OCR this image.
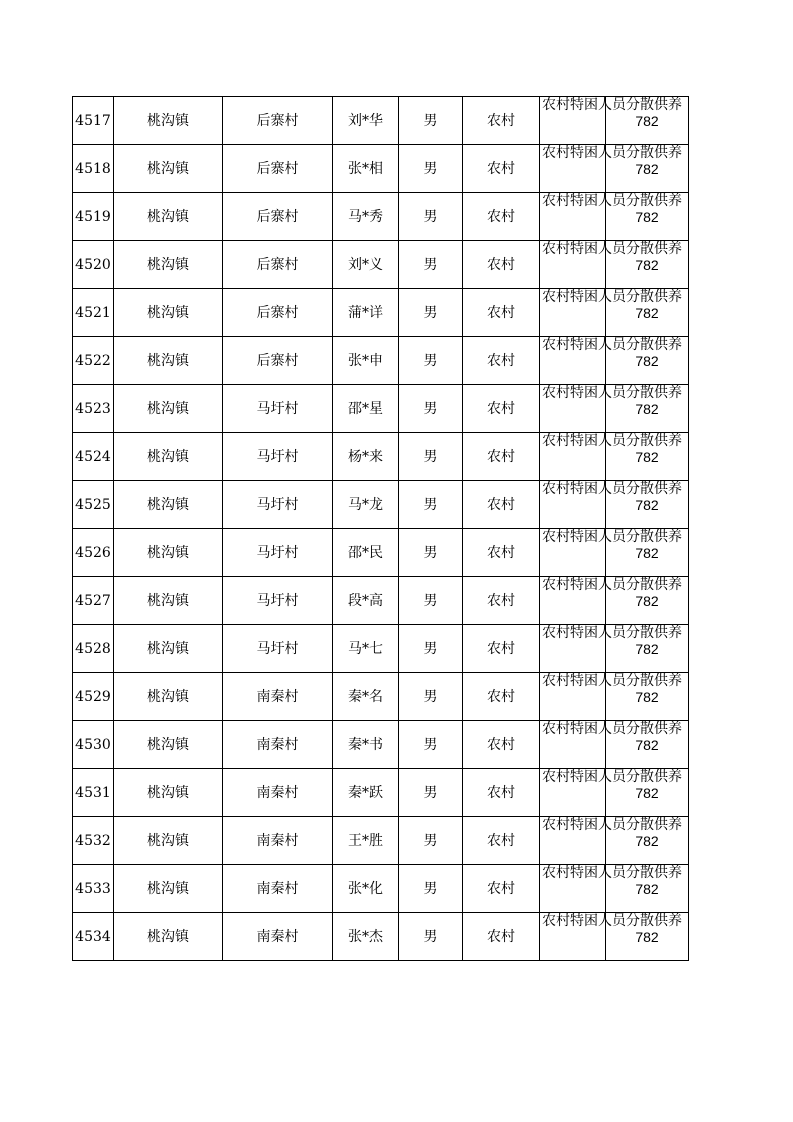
4517	桃沟镇	后寨村	刘*华	男	农村	农村特困人员分散供养	782
4518	桃沟镇	后寨村	张*相	男	农村	农村特困人员分散供养	782
4519	桃沟镇	后寨村	马*秀	男	农村	农村特困人员分散供养	782
4520	桃沟镇	后寨村	刘*义	男	农村	农村特困人员分散供养	782
4521	桃沟镇	后寨村	蒲*详	男	农村	农村特困人员分散供养	782
4522	桃沟镇	后寨村	张*申	男	农村	农村特困人员分散供养	782
4523	桃沟镇	马圩村	邵*星	男	农村	农村特困人员分散供养	782
4524	桃沟镇	马圩村	杨*来	男	农村	农村特困人员分散供养	782
4525	桃沟镇	马圩村	马*龙	男	农村	农村特困人员分散供养	782
4526	桃沟镇	马圩村	邵*民	男	农村	农村特困人员分散供养	782
4527	桃沟镇	马圩村	段*高	男	农村	农村特困人员分散供养	782
4528	桃沟镇	马圩村	马*七	男	农村	农村特困人员分散供养	782
4529	桃沟镇	南秦村	秦*名	男	农村	农村特困人员分散供养	782
4530	桃沟镇	南秦村	秦*书	男	农村	农村特困人员分散供养	782
4531	桃沟镇	南秦村	秦*跃	男	农村	农村特困人员分散供养	782
4532	桃沟镇	南秦村	王*胜	男	农村	农村特困人员分散供养	782
4533	桃沟镇	南秦村	张*化	男	农村	农村特困人员分散供养	782
4534	桃沟镇	南秦村	张*杰	男	农村	农村特困人员分散供养	782
